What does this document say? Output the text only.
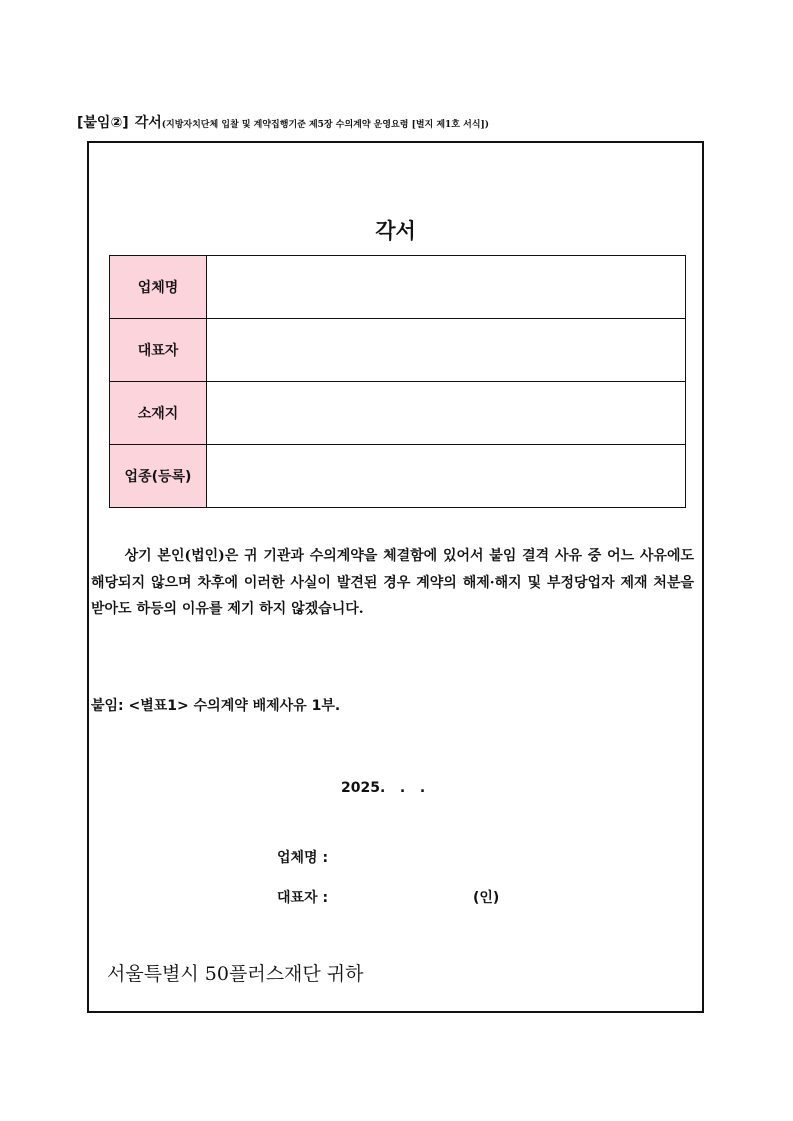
[붙임②] 각서(지방자치단체 입찰 및 계약집행기준 제5장 수의계약 운영요령 [별지 제1호 서식])
각서
업체명	
대표자	
소재지	
업종(등록)	
상기 본인(법인)은 귀 기관과 수의계약을 체결함에 있어서 붙임 결격 사유 중 어느 사유에도 해당되지 않으며 차후에 이러한 사실이 발견된 경우 계약의 해제·해지 및 부정당업자 제재 처분을 받아도 하등의 이유를 제기 하지 않겠습니다.
붙임: <별표1> 수의계약 배제사유 1부.
2025.   .   .
업체명 :
대표자 :	(인)
서울특별시 50플러스재단 귀하
